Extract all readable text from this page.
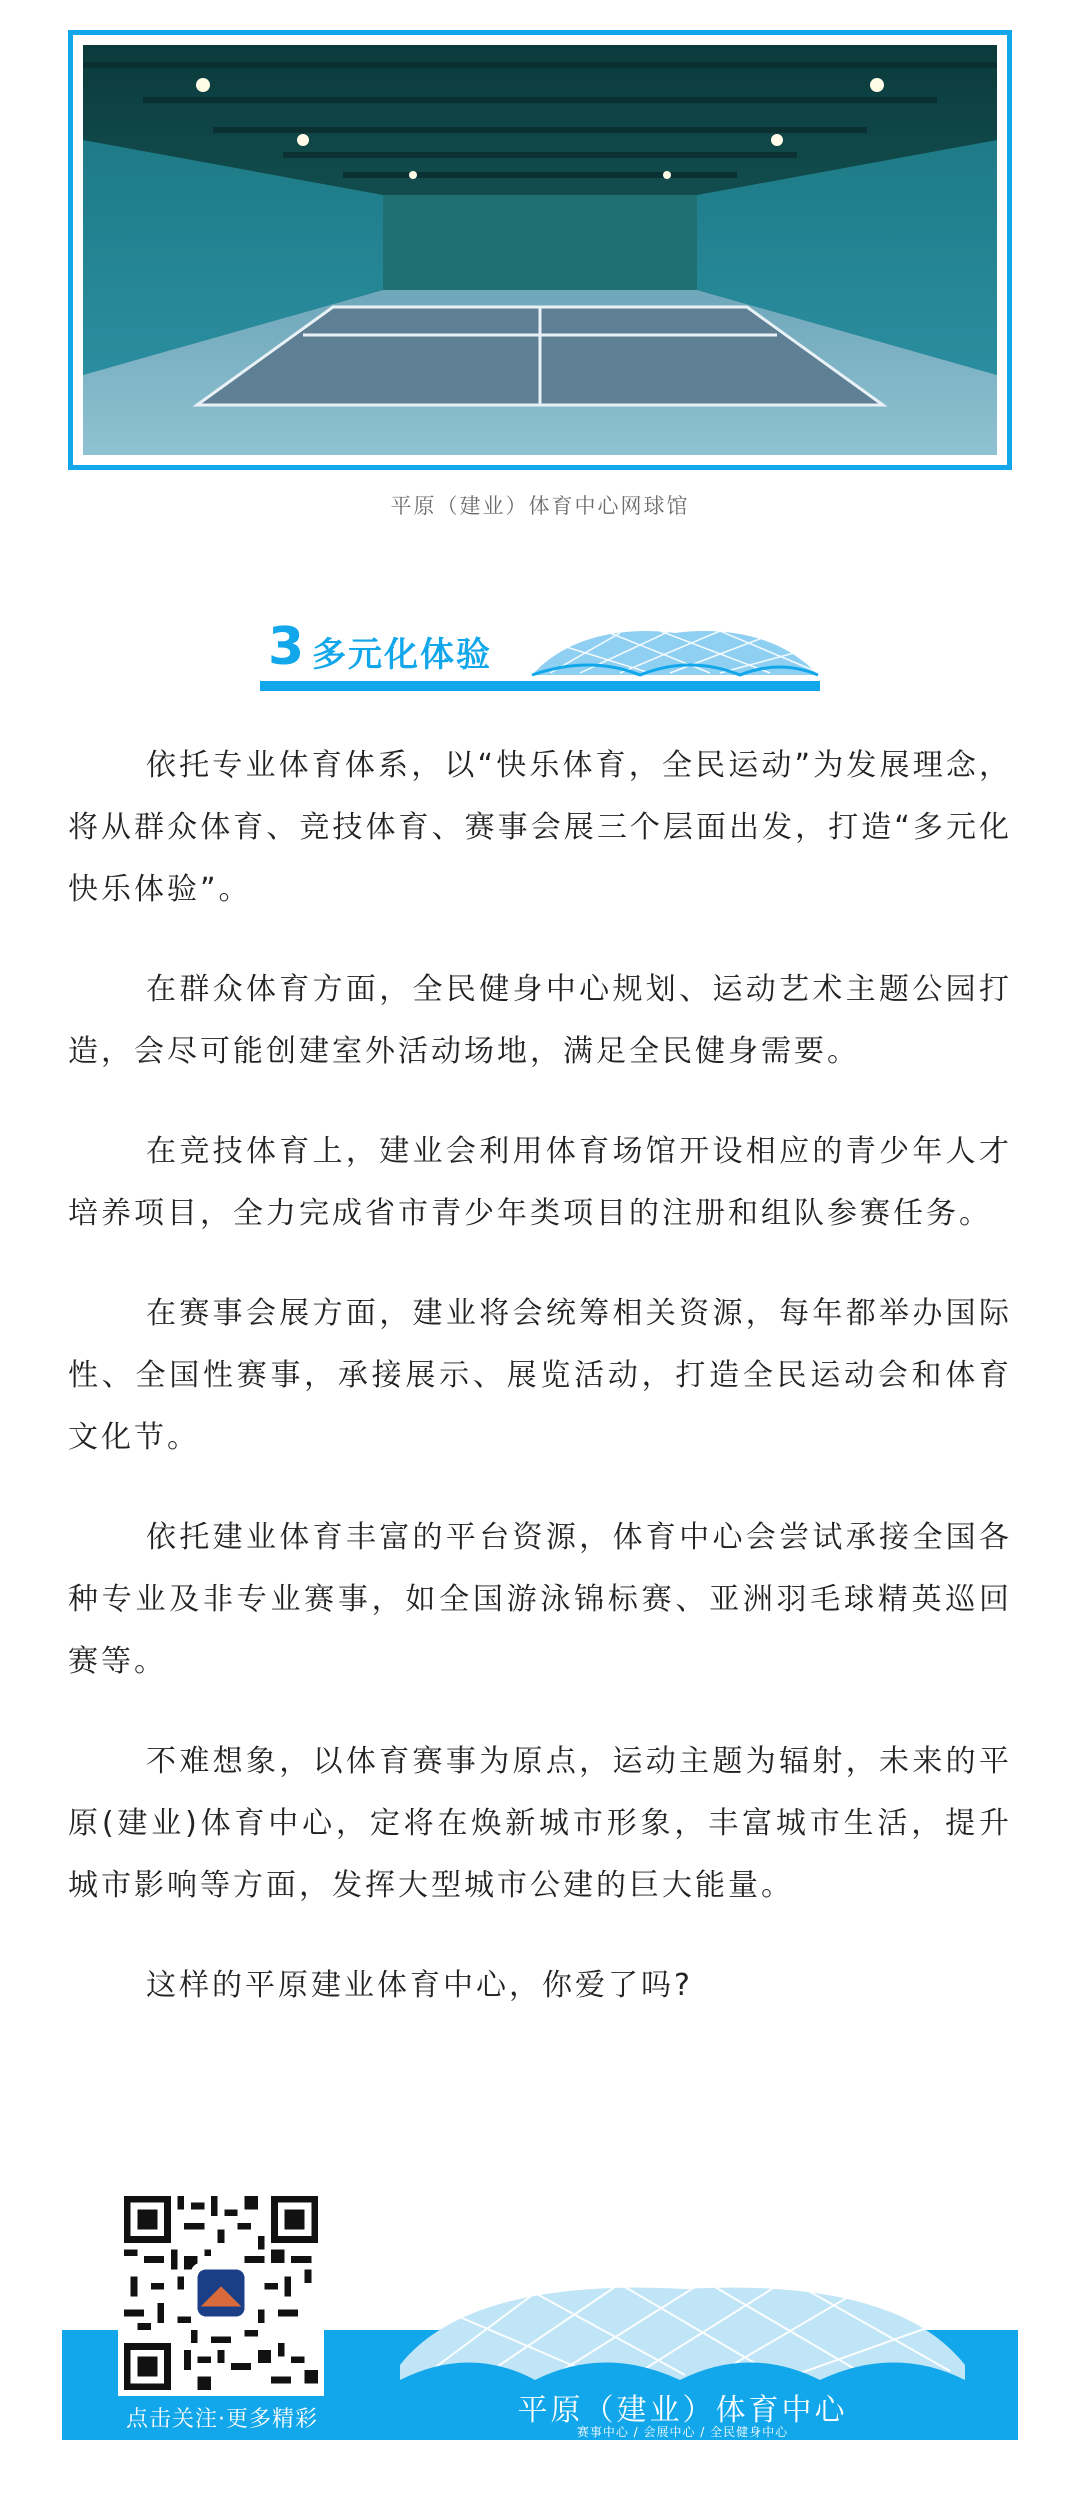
平原（建业）体育中心网球馆
3 多元化体验

依托专业体育体系，以“快乐体育，全民运动”为发展理念，将从群众体育、竞技体育、赛事会展三个层面出发，打造“多元化快乐体验”。

在群众体育方面，全民健身中心规划、运动艺术主题公园打造，会尽可能创建室外活动场地，满足全民健身需要。

在竞技体育上，建业会利用体育场馆开设相应的青少年人才培养项目，全力完成省市青少年类项目的注册和组队参赛任务。

在赛事会展方面，建业将会统筹相关资源，每年都举办国际性、全国性赛事，承接展示、展览活动，打造全民运动会和体育文化节。

依托建业体育丰富的平台资源，体育中心会尝试承接全国各种专业及非专业赛事，如全国游泳锦标赛、亚洲羽毛球精英巡回赛等。

不难想象，以体育赛事为原点，运动主题为辐射，未来的平原(建业)体育中心，定将在焕新城市形象，丰富城市生活，提升城市影响等方面，发挥大型城市公建的巨大能量。

这样的平原建业体育中心，你爱了吗?

点击关注·更多精彩	平原（建业）体育中心
赛事中心 / 会展中心 / 全民健身中心
